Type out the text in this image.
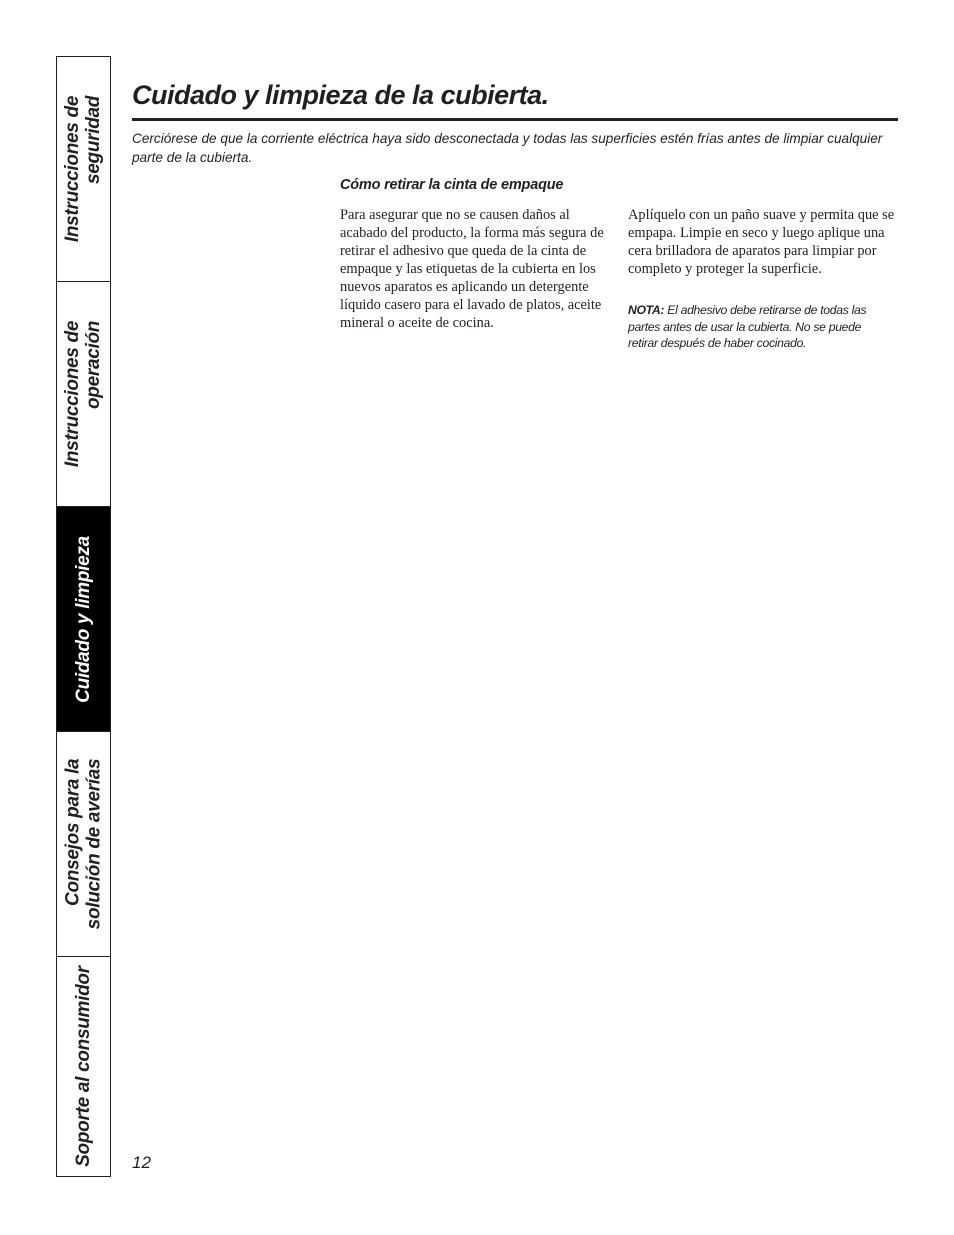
Instrucciones de seguridad
Instrucciones de operación
Cuidado y limpieza
Consejos para la solución de averías
Soporte al consumidor
Cuidado y limpieza de la cubierta.

Cerciórese de que la corriente eléctrica haya sido desconectada y todas las superficies estén frías antes de limpiar cualquier parte de la cubierta.

Cómo retirar la cinta de empaque

Para asegurar que no se causen daños al acabado del producto, la forma más segura de retirar el adhesivo que queda de la cinta de empaque y las etiquetas de la cubierta en los nuevos aparatos es aplicando un detergente líquido casero para el lavado de platos, aceite mineral o aceite de cocina.

Aplíquelo con un paño suave y permita que se empapa. Limpie en seco y luego aplique una cera brilladora de aparatos para limpiar por completo y proteger la superficie.

NOTA: El adhesivo debe retirarse de todas las partes antes de usar la cubierta. No se puede retirar después de haber cocinado.

12
